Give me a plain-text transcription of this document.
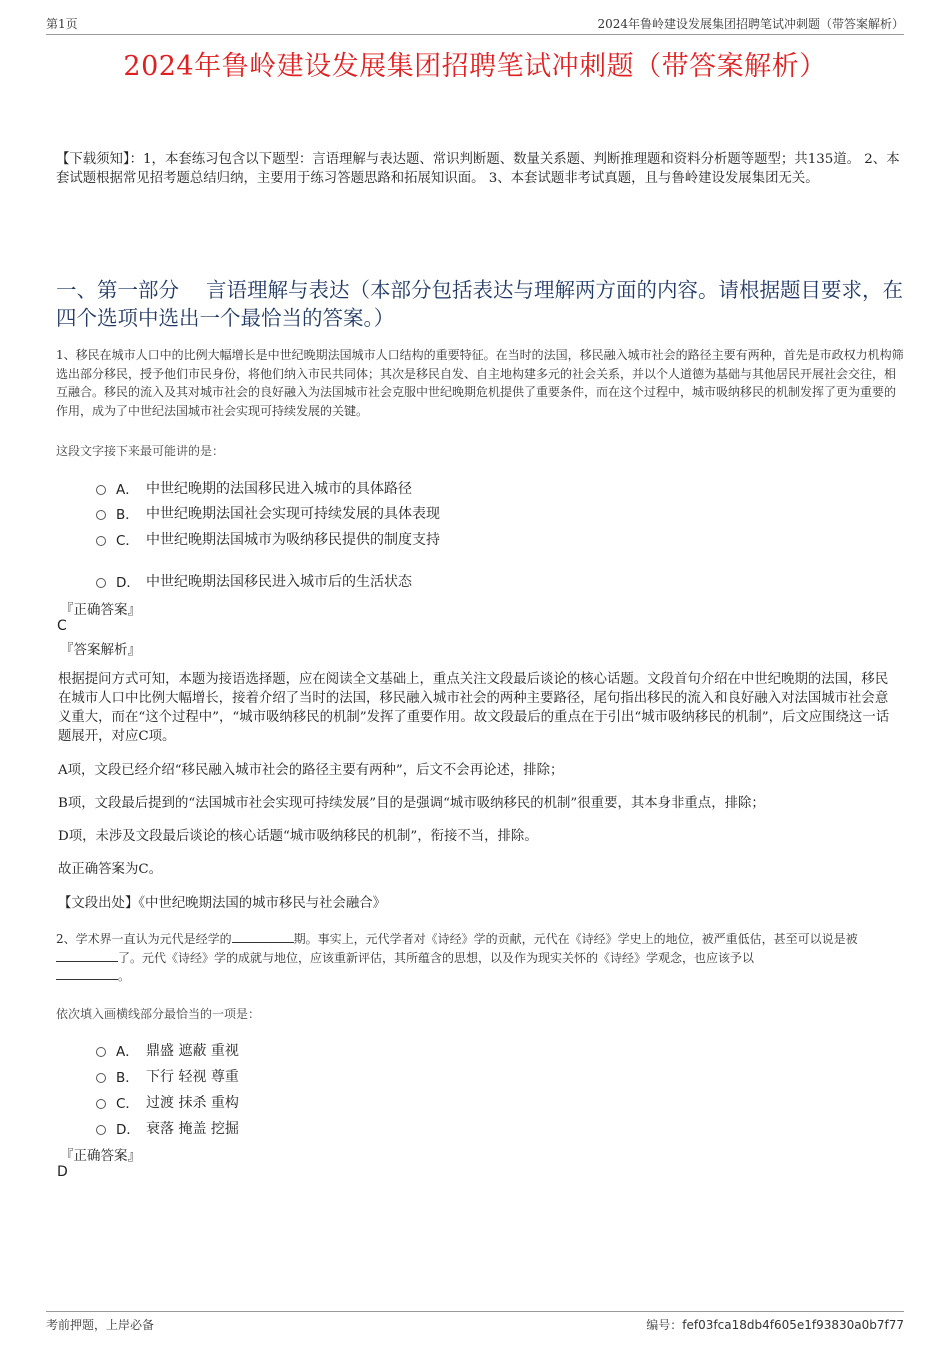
第1页	2024年鲁岭建设发展集团招聘笔试冲刺题（带答案解析）
2024年鲁岭建设发展集团招聘笔试冲刺题（带答案解析）
【下载须知】：1，本套练习包含以下题型：言语理解与表达题、常识判断题、数量关系题、判断推理题和资料分析题等题型；共135道。 2、本套试题根据常见招考题总结归纳，主要用于练习答题思路和拓展知识面。 3、本套试题非考试真题，且与鲁岭建设发展集团无关。
一、第一部分　 言语理解与表达（本部分包括表达与理解两方面的内容。请根据题目要求，在四个选项中选出一个最恰当的答案。）

1、移民在城市人口中的比例大幅增长是中世纪晚期法国城市人口结构的重要特征。在当时的法国，移民融入城市社会的路径主要有两种，首先是市政权力机构筛选出部分移民，授予他们市民身份，将他们纳入市民共同体；其次是移民自发、自主地构建多元的社会关系，并以个人道德为基础与其他居民开展社会交往，相互融合。移民的流入及其对城市社会的良好融入为法国城市社会克服中世纪晚期危机提供了重要条件，而在这个过程中，城市吸纳移民的机制发挥了更为重要的作用，成为了中世纪法国城市社会实现可持续发展的关键。

这段文字接下来最可能讲的是：
A． 中世纪晚期的法国移民进入城市的具体路径
B． 中世纪晚期法国社会实现可持续发展的具体表现
C． 中世纪晚期法国城市为吸纳移民提供的制度支持
D． 中世纪晚期法国移民进入城市后的生活状态
『正确答案』
C
『答案解析』

根据提问方式可知，本题为接语选择题，应在阅读全文基础上，重点关注文段最后谈论的核心话题。文段首句介绍在中世纪晚期的法国，移民在城市人口中比例大幅增长，接着介绍了当时的法国，移民融入城市社会的两种主要路径，尾句指出移民的流入和良好融入对法国城市社会意义重大，而在“这个过程中”，“城市吸纳移民的机制”发挥了重要作用。故文段最后的重点在于引出“城市吸纳移民的机制”，后文应围绕这一话题展开，对应C项。

A项，文段已经介绍“移民融入城市社会的路径主要有两种”，后文不会再论述，排除；

B项，文段最后提到的“法国城市社会实现可持续发展”目的是强调“城市吸纳移民的机制”很重要，其本身非重点，排除；

D项，未涉及文段最后谈论的核心话题“城市吸纳移民的机制”，衔接不当，排除。

故正确答案为C。

【文段出处】《中世纪晚期法国的城市移民与社会融合》

2、学术界一直认为元代是经学的	期。事实上，元代学者对《诗经》学的贡献，元代在《诗经》学史上的地位，被严重低估，甚至可以说是被了。元代《诗经》学的成就与地位，应该重新评估，其所蕴含的思想，以及作为现实关怀的《诗经》学观念，也应该予以
。

依次填入画横线部分最恰当的一项是：
A． 鼎盛 遮蔽 重视
B． 下行 轻视 尊重
C． 过渡 抹杀 重构
D． 衰落 掩盖 挖掘
『正确答案』
D
考前押题，上岸必备	编号：fef03fca18db4f605e1f93830a0b7f77
